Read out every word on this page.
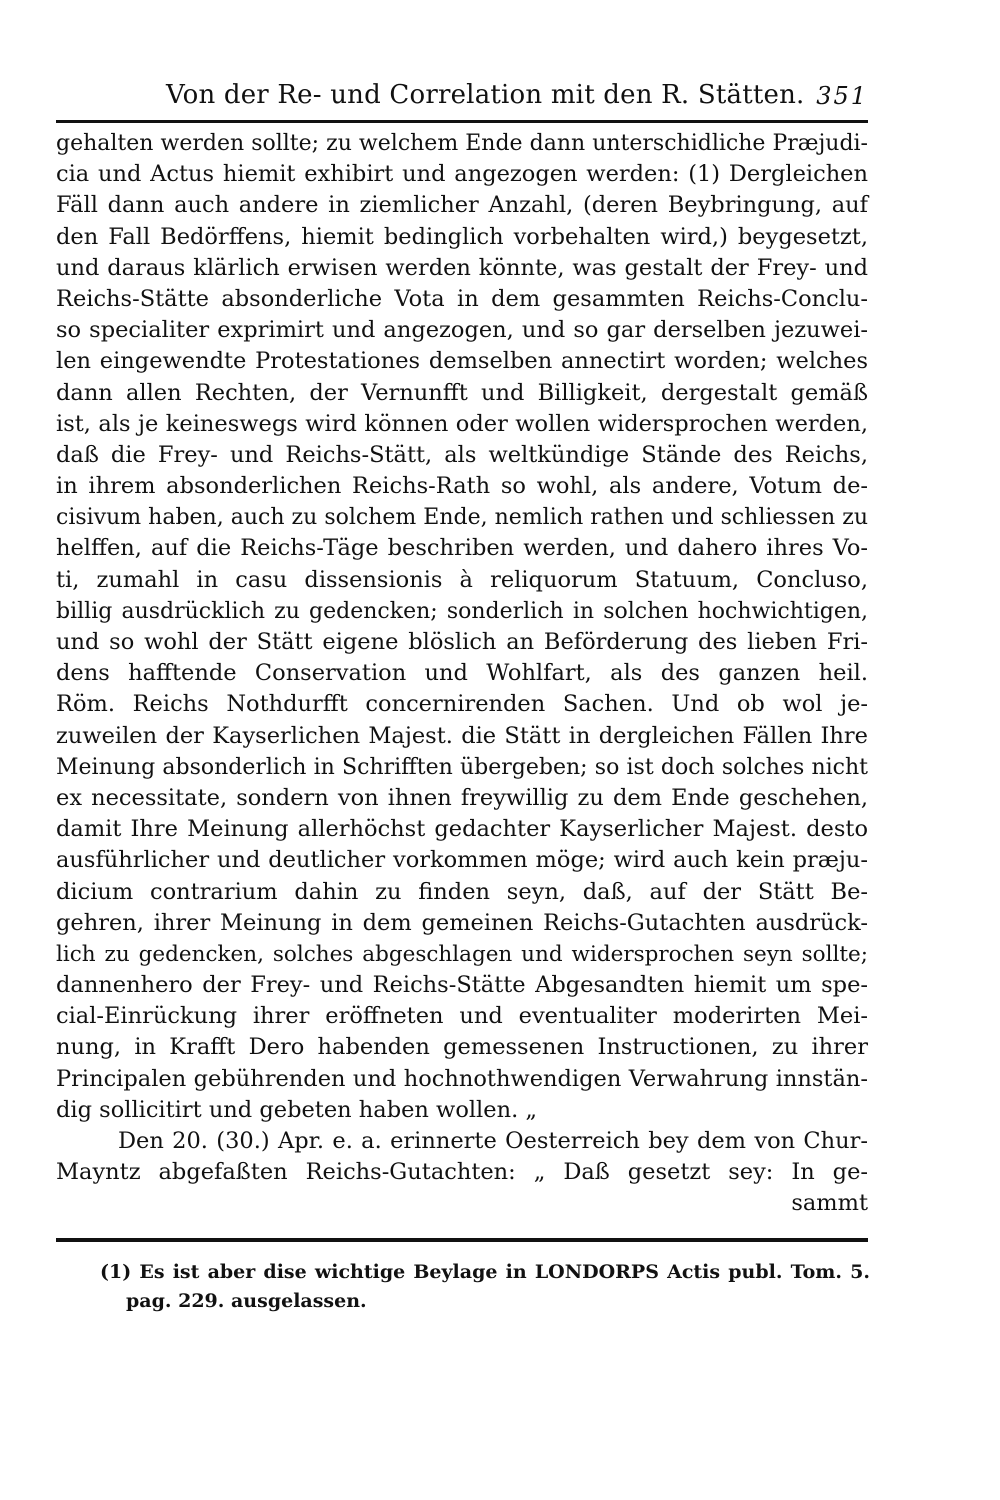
Von der Re- und Correlation mit den R. Stätten. 351
gehalten werden sollte; zu welchem Ende dann unterschidliche Præjudi-
cia und Actus hiemit exhibirt und angezogen werden: (1) Dergleichen
Fäll dann auch andere in ziemlicher Anzahl, (deren Beybringung, auf
den Fall Bedörffens, hiemit bedinglich vorbehalten wird,) beygesetzt,
und daraus klärlich erwisen werden könnte, was gestalt der Frey- und
Reichs-Stätte absonderliche Vota in dem gesammten Reichs-Conclu-
so specialiter exprimirt und angezogen, und so gar derselben jezuwei-
len eingewendte Protestationes demselben annectirt worden; welches
dann allen Rechten, der Vernunfft und Billigkeit, dergestalt gemäß
ist, als je keineswegs wird können oder wollen widersprochen werden,
daß die Frey- und Reichs-Stätt, als weltkündige Stände des Reichs,
in ihrem absonderlichen Reichs-Rath so wohl, als andere, Votum de-
cisivum haben, auch zu solchem Ende, nemlich rathen und schliessen zu
helffen, auf die Reichs-Täge beschriben werden, und dahero ihres Vo-
ti, zumahl in casu dissensionis à reliquorum Statuum, Concluso,
billig ausdrücklich zu gedencken; sonderlich in solchen hochwichtigen,
und so wohl der Stätt eigene blöslich an Beförderung des lieben Fri-
dens hafftende Conservation und Wohlfart, als des ganzen heil.
Röm. Reichs Nothdurfft concernirenden Sachen. Und ob wol je-
zuweilen der Kayserlichen Majest. die Stätt in dergleichen Fällen Ihre
Meinung absonderlich in Schrifften übergeben; so ist doch solches nicht
ex necessitate, sondern von ihnen freywillig zu dem Ende geschehen,
damit Ihre Meinung allerhöchst gedachter Kayserlicher Majest. desto
ausführlicher und deutlicher vorkommen möge; wird auch kein præju-
dicium contrarium dahin zu finden seyn, daß, auf der Stätt Be-
gehren, ihrer Meinung in dem gemeinen Reichs-Gutachten ausdrück-
lich zu gedencken, solches abgeschlagen und widersprochen seyn sollte;
dannenhero der Frey- und Reichs-Stätte Abgesandten hiemit um spe-
cial-Einrückung ihrer eröffneten und eventualiter moderirten Mei-
nung, in Krafft Dero habenden gemessenen Instructionen, zu ihrer
Principalen gebührenden und hochnothwendigen Verwahrung innstän-
dig sollicitirt und gebeten haben wollen. „
Den 20. (30.) Apr. e. a. erinnerte Oesterreich bey dem von Chur-
Mayntz abgefaßten Reichs-Gutachten: „ Daß gesetzt sey: In ge-
sammt
(1) Es ist aber dise wichtige Beylage in LONDORPS Actis publ. Tom. 5.
pag. 229. ausgelassen.
